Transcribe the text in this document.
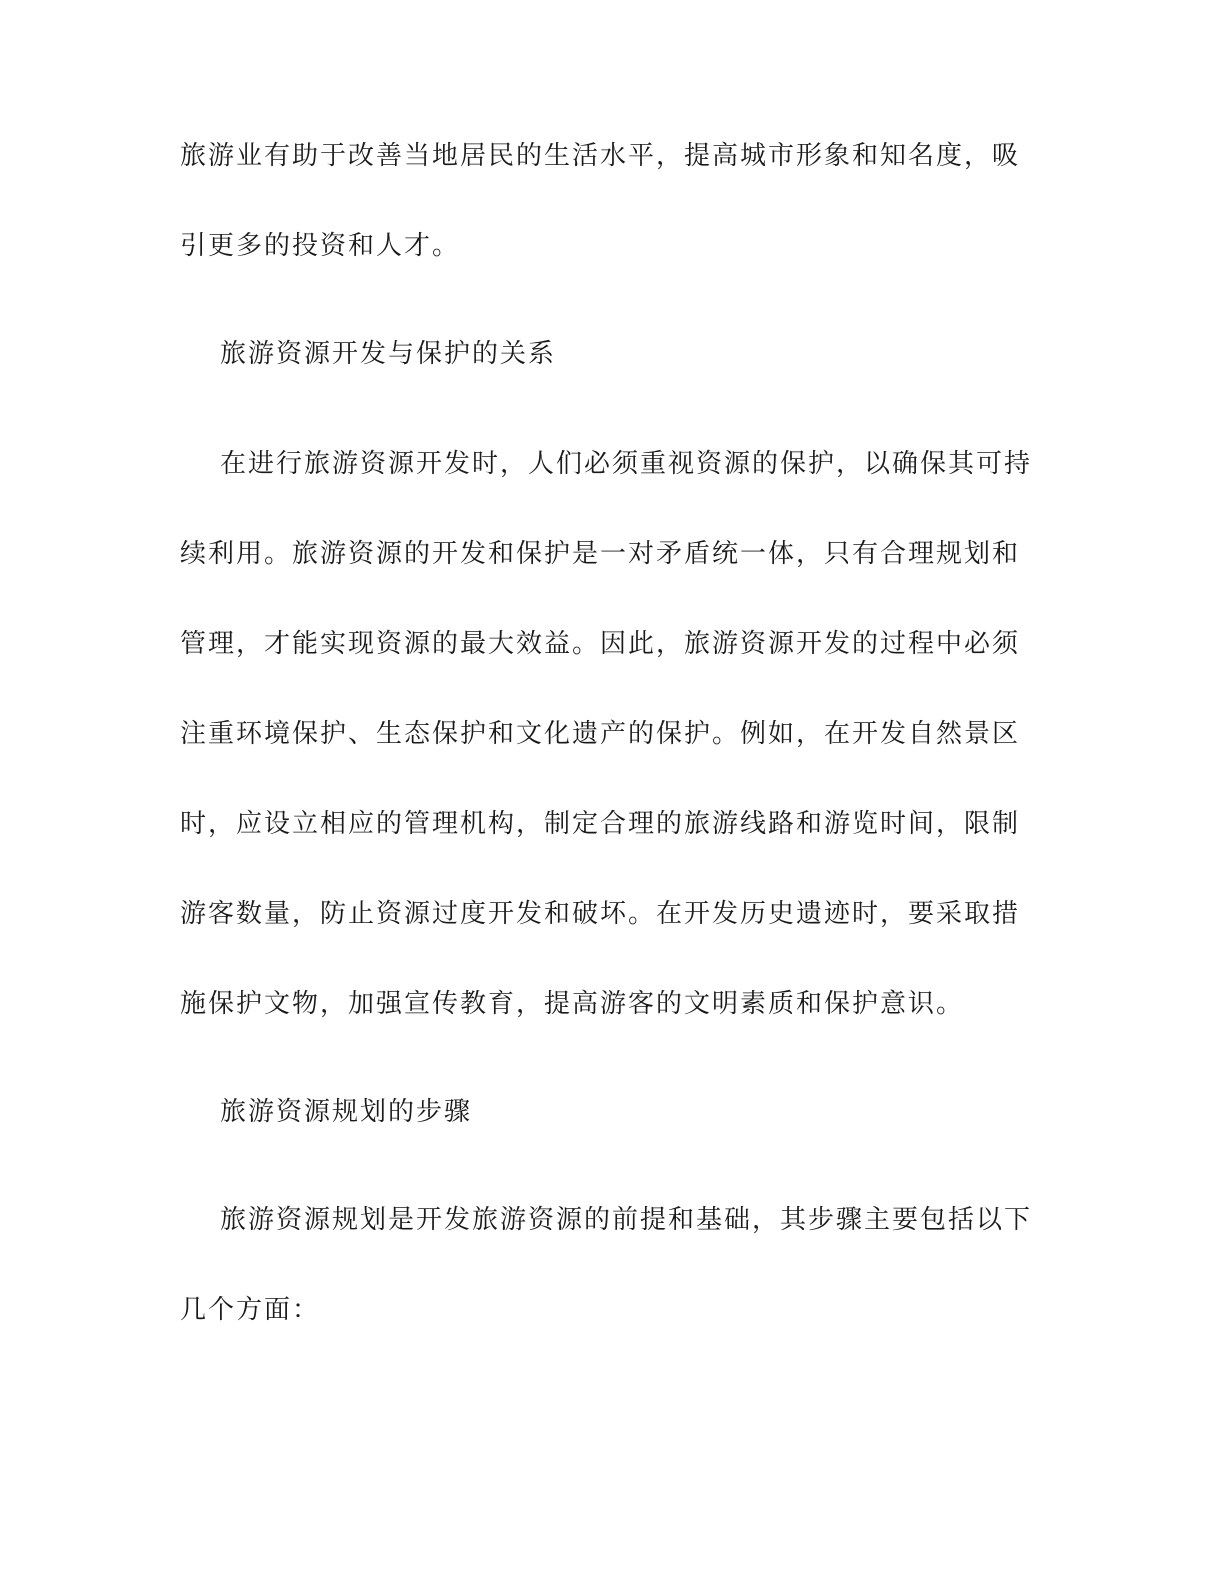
旅游业有助于改善当地居民的生活水平，提高城市形象和知名度，吸
引更多的投资和人才。
旅游资源开发与保护的关系
在进行旅游资源开发时，人们必须重视资源的保护，以确保其可持
续利用。旅游资源的开发和保护是一对矛盾统一体，只有合理规划和
管理，才能实现资源的最大效益。因此，旅游资源开发的过程中必须
注重环境保护、生态保护和文化遗产的保护。例如，在开发自然景区
时，应设立相应的管理机构，制定合理的旅游线路和游览时间，限制
游客数量，防止资源过度开发和破坏。在开发历史遗迹时，要采取措
施保护文物，加强宣传教育，提高游客的文明素质和保护意识。
旅游资源规划的步骤
旅游资源规划是开发旅游资源的前提和基础，其步骤主要包括以下
几个方面：
